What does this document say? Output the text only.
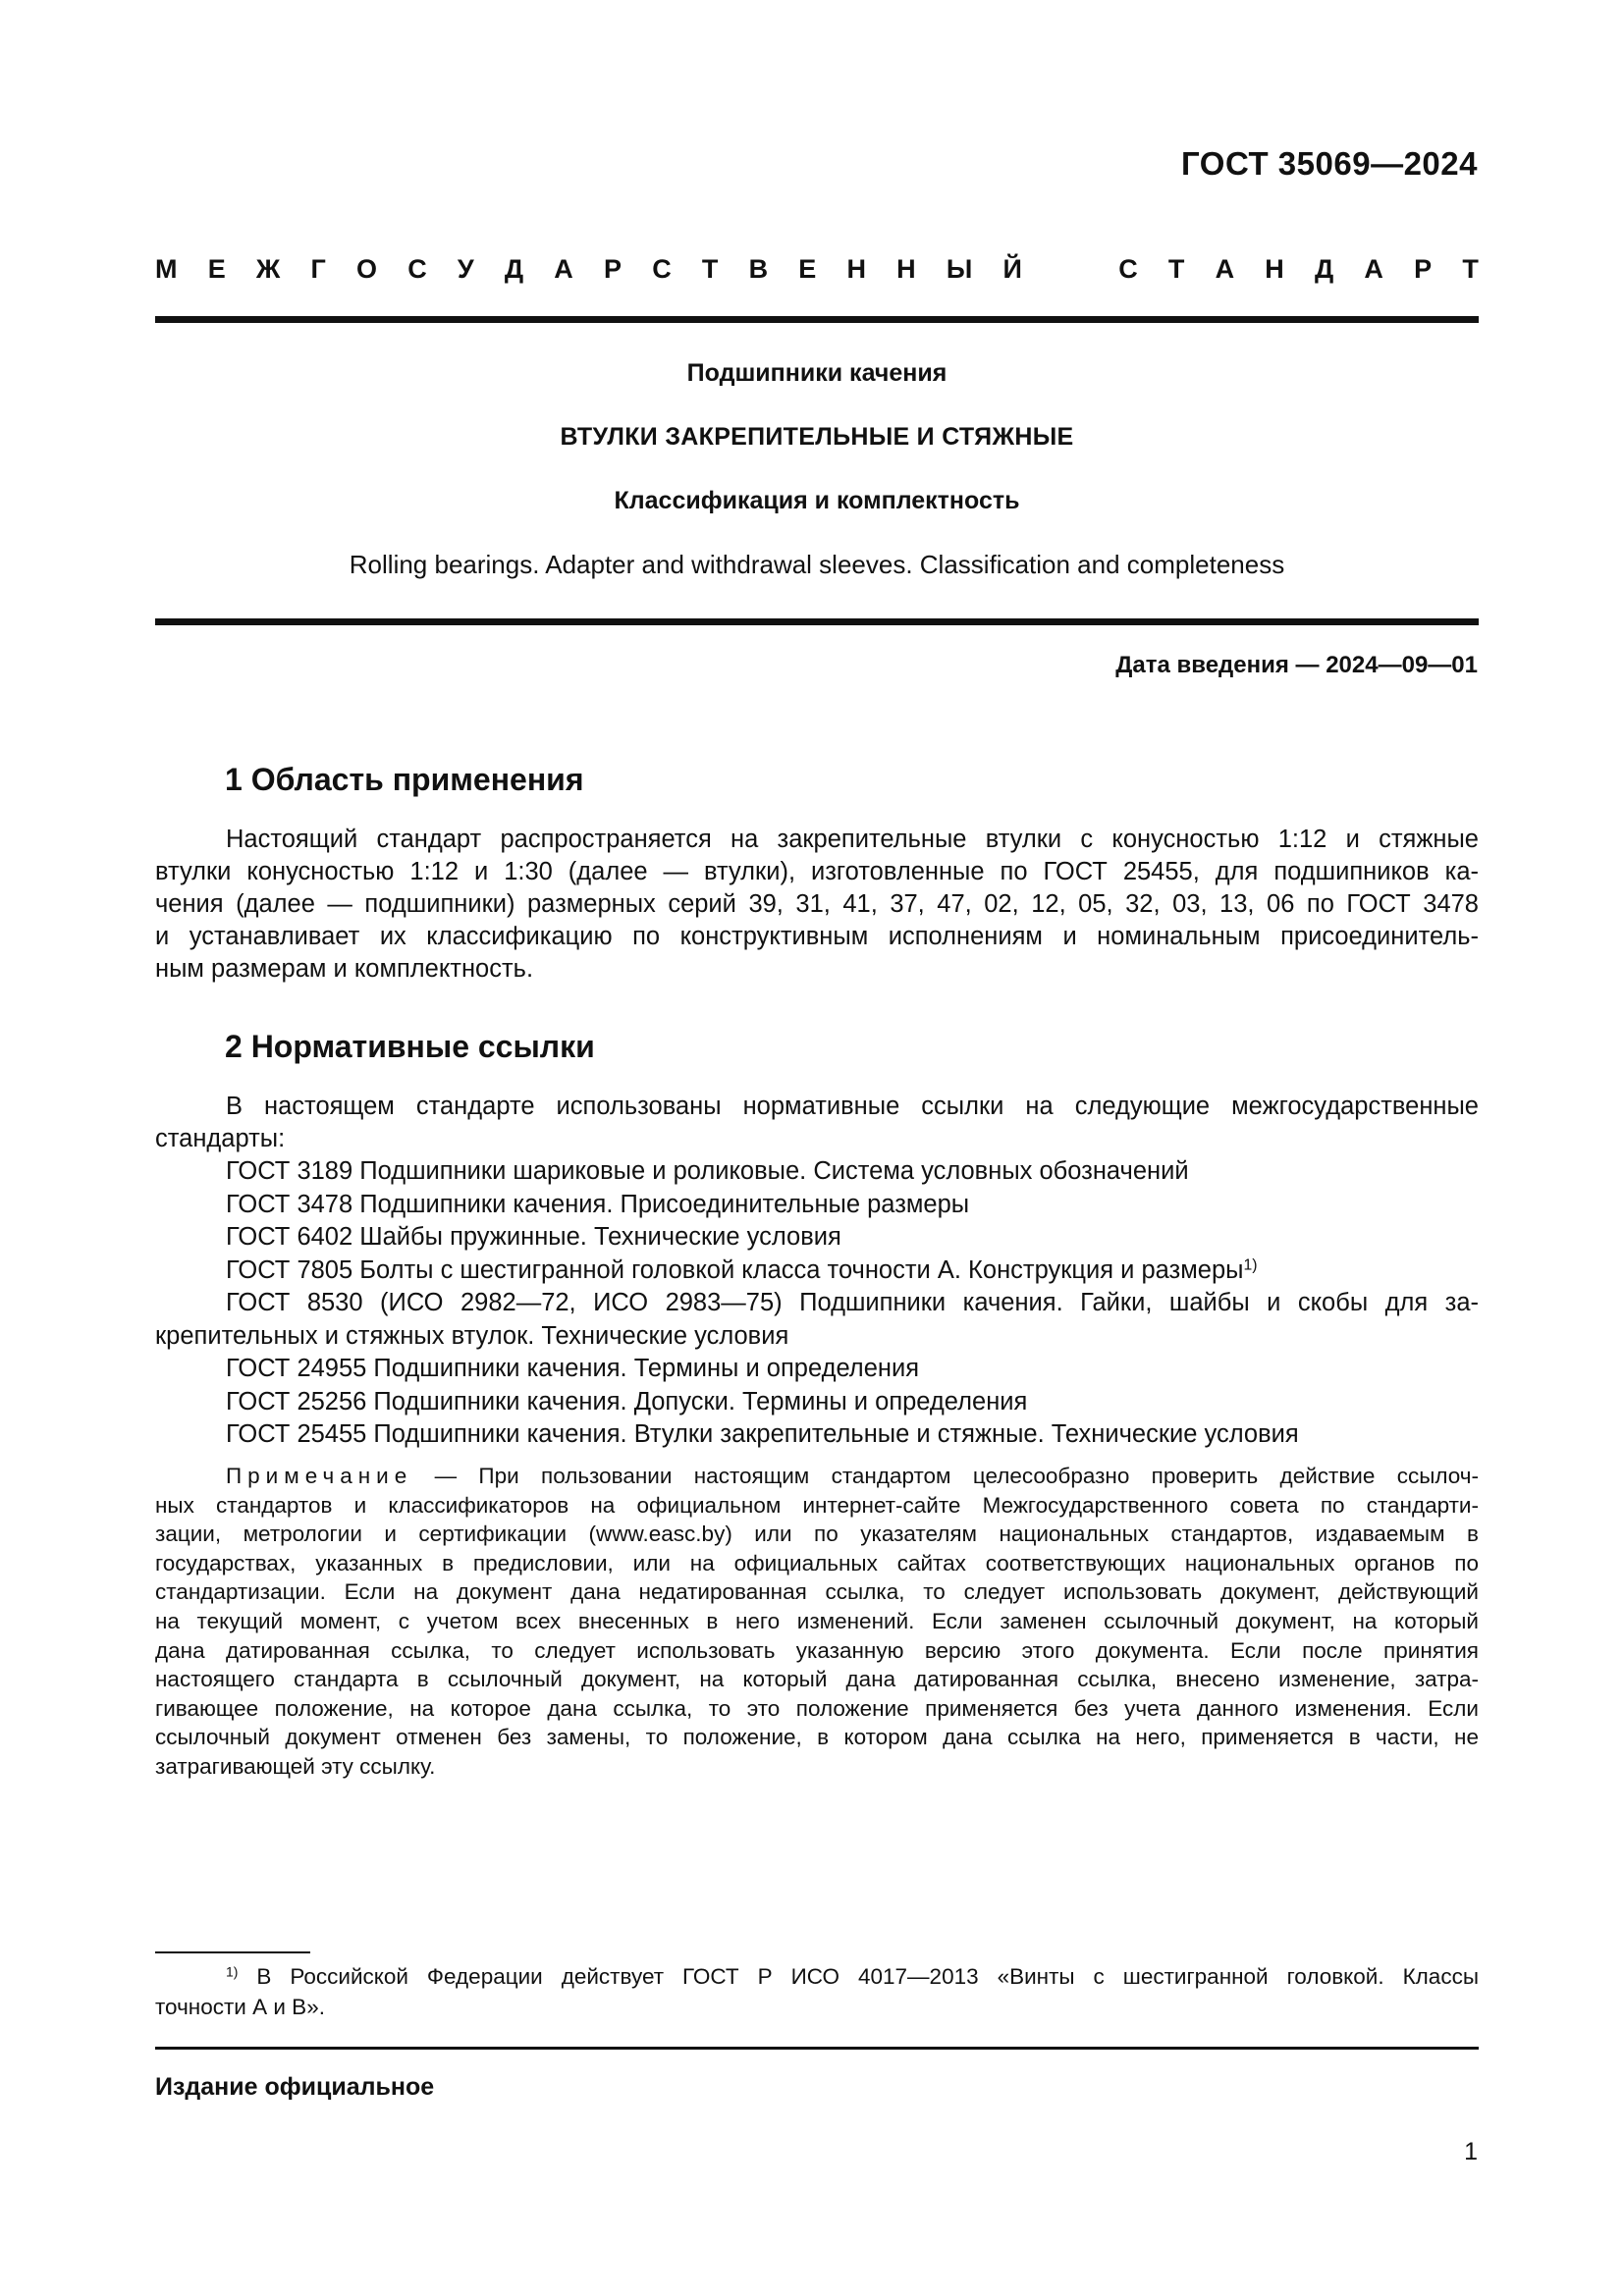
ГОСТ 35069—2024
М Е Ж Г О С У Д А Р С Т В Е Н Н Ы Й	С Т А Н Д А Р Т
Подшипники качения
ВТУЛКИ ЗАКРЕПИТЕЛЬНЫЕ И СТЯЖНЫЕ
Классификация и комплектность
Rolling bearings. Adapter and withdrawal sleeves. Classification and completeness
Дата введения — 2024—09—01
1 Область применения
Настоящий стандарт распространяется на закрепительные втулки с конусностью 1:12 и стяжные
втулки конусностью 1:12 и 1:30 (далее — втулки), изготовленные по ГОСТ 25455, для подшипников ка-
чения (далее — подшипники) размерных серий 39, 31, 41, 37, 47, 02, 12, 05, 32, 03, 13, 06 по ГОСТ 3478
и устанавливает их классификацию по конструктивным исполнениям и номинальным присоединитель-
ным размерам и комплектность.
2 Нормативные ссылки
В настоящем стандарте использованы нормативные ссылки на следующие межгосударственные
стандарты:
ГОСТ 3189 Подшипники шариковые и роликовые. Система условных обозначений
ГОСТ 3478 Подшипники качения. Присоединительные размеры
ГОСТ 6402 Шайбы пружинные. Технические условия
ГОСТ 7805 Болты с шестигранной головкой класса точности А. Конструкция и размеры$^{1)}$
ГОСТ 8530 (ИСО 2982—72, ИСО 2983—75) Подшипники качения. Гайки, шайбы и скобы для за-
крепительных и стяжных втулок. Технические условия
ГОСТ 24955 Подшипники качения. Термины и определения
ГОСТ 25256 Подшипники качения. Допуски. Термины и определения
ГОСТ 25455 Подшипники качения. Втулки закрепительные и стяжные. Технические условия
Примечание — При пользовании настоящим стандартом целесообразно проверить действие ссылоч-
ных стандартов и классификаторов на официальном интернет-сайте Межгосударственного совета по стандарти-
зации, метрологии и сертификации (www.easc.by) или по указателям национальных стандартов, издаваемым в
государствах, указанных в предисловии, или на официальных сайтах соответствующих национальных органов по
стандартизации. Если на документ дана недатированная ссылка, то следует использовать документ, действующий
на текущий момент, с учетом всех внесенных в него изменений. Если заменен ссылочный документ, на который
дана датированная ссылка, то следует использовать указанную версию этого документа. Если после принятия
настоящего стандарта в ссылочный документ, на который дана датированная ссылка, внесено изменение, затра-
гивающее положение, на которое дана ссылка, то это положение применяется без учета данного изменения. Если
ссылочный документ отменен без замены, то положение, в котором дана ссылка на него, применяется в части, не
затрагивающей эту ссылку.
$^{1)}$ В Российской Федерации действует ГОСТ Р ИСО 4017—2013 «Винты с шестигранной головкой. Классы
точности А и В».
Издание официальное
1
